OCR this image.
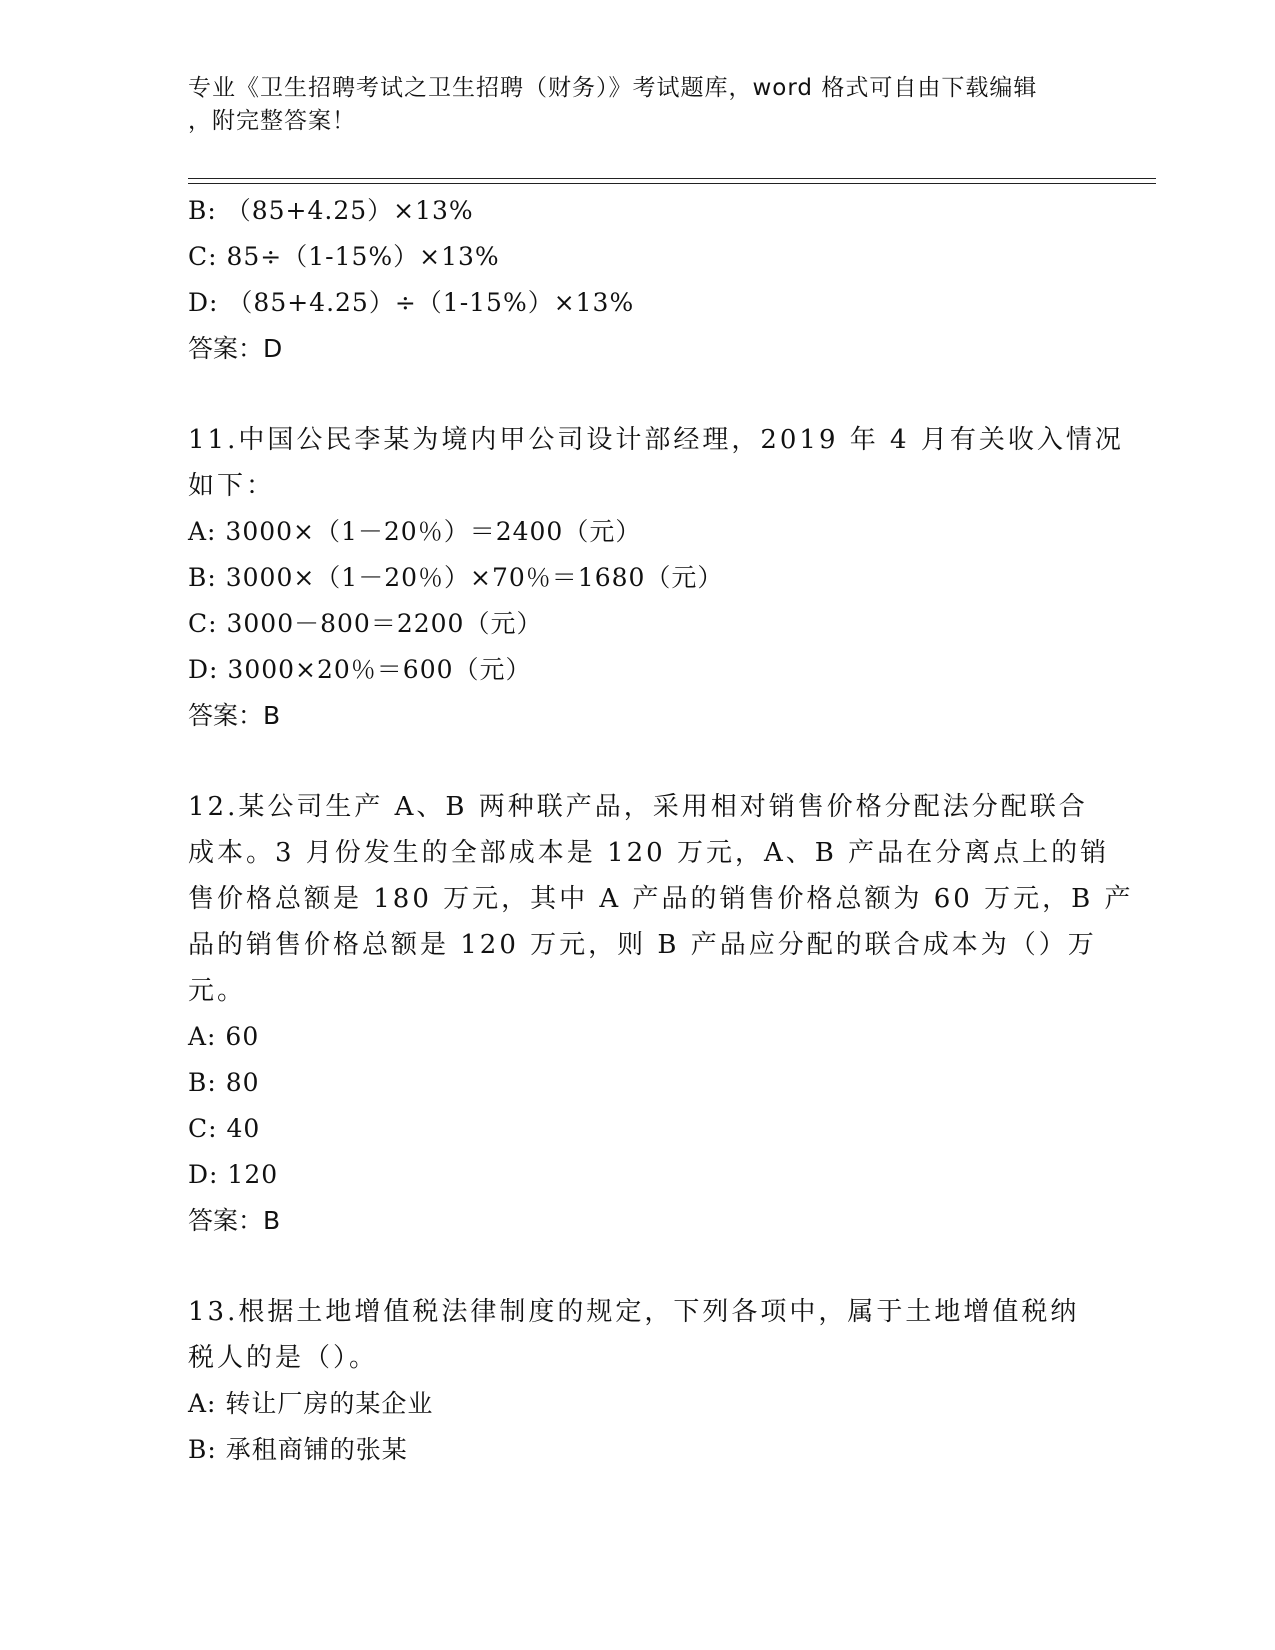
专业《卫生招聘考试之卫生招聘（财务）》考试题库，word 格式可自由下载编辑
，附完整答案！
B: （85+4.25）×13%
C: 85÷（1-15%）×13%
D: （85+4.25）÷（1-15%）×13%
答案：D
11.中国公民李某为境内甲公司设计部经理，2019 年 4 月有关收入情况
如下：
A: 3000×（1－20％）＝2400（元）
B: 3000×（1－20％）×70％＝1680（元）
C: 3000－800＝2200（元）
D: 3000×20％＝600（元）
答案：B
12.某公司生产 A、B 两种联产品，采用相对销售价格分配法分配联合
成本。3 月份发生的全部成本是 120 万元，A、B 产品在分离点上的销
售价格总额是 180 万元，其中 A 产品的销售价格总额为 60 万元，B 产
品的销售价格总额是 120 万元，则 B 产品应分配的联合成本为（）万
元。
A: 60
B: 80
C: 40
D: 120
答案：B
13.根据土地增值税法律制度的规定，下列各项中，属于土地增值税纳
税人的是（）。
A: 转让厂房的某企业
B: 承租商铺的张某
